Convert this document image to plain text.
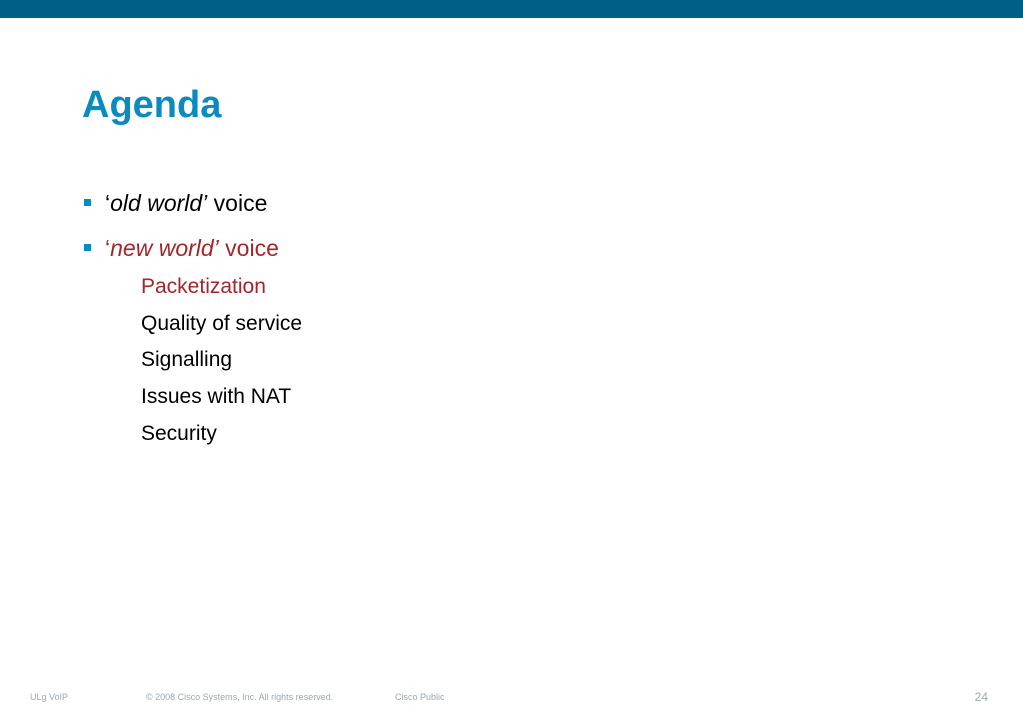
Agenda
‘old world’ voice
‘new world’ voice
Packetization
Quality of service
Signalling
Issues with NAT
Security
ULg VoIP	© 2008 Cisco Systems, Inc. All rights reserved.	Cisco Public	24
